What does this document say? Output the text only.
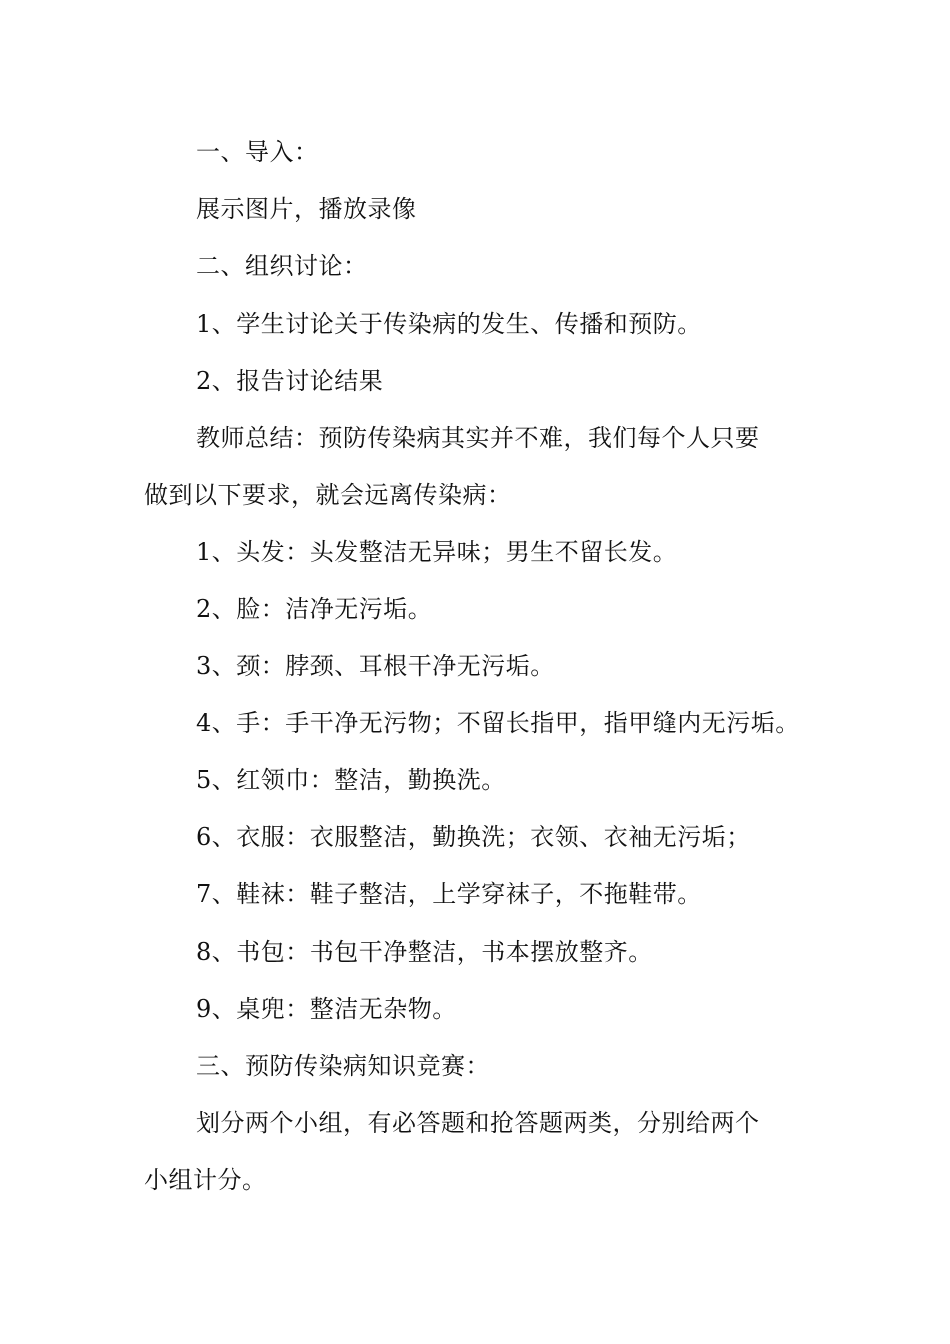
一、导入：
展示图片，播放录像
二、组织讨论：
1、学生讨论关于传染病的发生、传播和预防。
2、报告讨论结果
教师总结：预防传染病其实并不难，我们每个人只要
做到以下要求，就会远离传染病：
1、头发：头发整洁无异味；男生不留长发。
2、脸：洁净无污垢。
3、颈：脖颈、耳根干净无污垢。
4、手：手干净无污物；不留长指甲，指甲缝内无污垢。
5、红领巾：整洁，勤换洗。
6、衣服：衣服整洁，勤换洗；衣领、衣袖无污垢；
7、鞋袜：鞋子整洁，上学穿袜子，不拖鞋带。
8、书包：书包干净整洁，书本摆放整齐。
9、桌兜：整洁无杂物。
三、预防传染病知识竞赛：
划分两个小组，有必答题和抢答题两类，分别给两个
小组计分。
